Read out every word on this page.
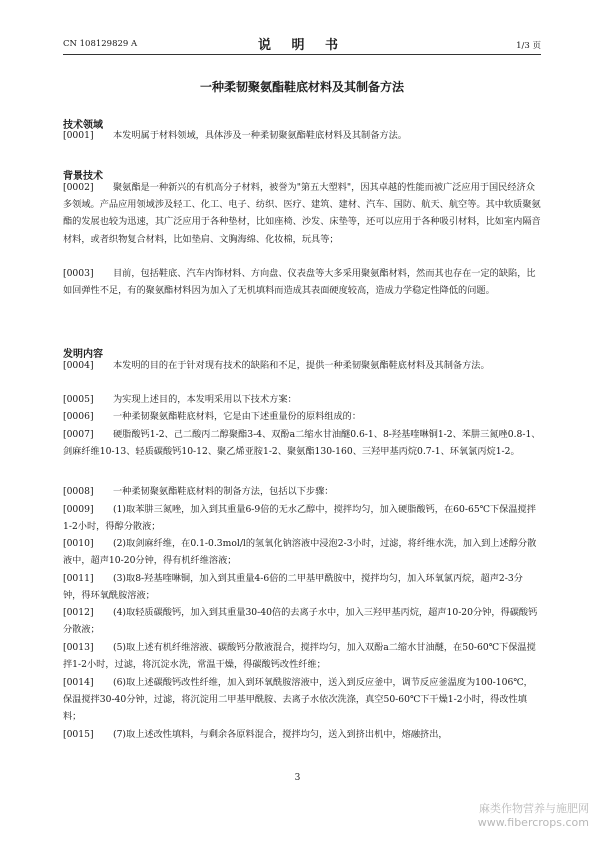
CN 108129829 A	说 明 书	1/3 页
一种柔韧聚氨酯鞋底材料及其制备方法
技术领域
[0001] 本发明属于材料领域，具体涉及一种柔韧聚氨酯鞋底材料及其制备方法。
背景技术
[0002] 聚氨酯是一种新兴的有机高分子材料，被誉为"第五大塑料"，因其卓越的性能而被广泛应用于国民经济众多领域。产品应用领域涉及轻工、化工、电子、纺织、医疗、建筑、建材、汽车、国防、航天、航空等。其中软质聚氨酯的发展也较为迅速，其广泛应用于各种垫材，比如座椅、沙发、床垫等，还可以应用于各种吸引材料，比如室内隔音材料，或者织物复合材料，比如垫肩、文胸海绵、化妆棉，玩具等；
[0003] 目前，包括鞋底、汽车内饰材料、方向盘、仪表盘等大多采用聚氨酯材料，然而其也存在一定的缺陷，比如回弹性不足，有的聚氨酯材料因为加入了无机填料而造成其表面硬度较高，造成力学稳定性降低的问题。
发明内容
[0004] 本发明的目的在于针对现有技术的缺陷和不足，提供一种柔韧聚氨酯鞋底材料及其制备方法。
[0005] 为实现上述目的，本发明采用以下技术方案：
[0006] 一种柔韧聚氨酯鞋底材料，它是由下述重量份的原料组成的：
[0007] 硬脂酸钙1-2、己二酸丙二醇聚酯3-4、双酚a二缩水甘油醚0.6-1、8-羟基喹啉铜1-2、苯肼三氮唑0.8-1、剑麻纤维10-13、轻质碳酸钙10-12、聚乙烯亚胺1-2、聚氨酯130-160、三羟甲基丙烷0.7-1、环氧氯丙烷1-2。
[0008] 一种柔韧聚氨酯鞋底材料的制备方法，包括以下步骤：
[0009] (1)取苯肼三氮唑，加入到其重量6-9倍的无水乙醇中，搅拌均匀，加入硬脂酸钙，在60-65℃下保温搅拌1-2小时，得醇分散液；
[0010] (2)取剑麻纤维，在0.1-0.3mol/l的氢氧化钠溶液中浸泡2-3小时，过滤，将纤维水洗，加入到上述醇分散液中，超声10-20分钟，得有机纤维溶液；
[0011] (3)取8-羟基喹啉铜，加入到其重量4-6倍的二甲基甲酰胺中，搅拌均匀，加入环氧氯丙烷，超声2-3分钟，得环氧酰胺溶液；
[0012] (4)取轻质碳酸钙，加入到其重量30-40倍的去离子水中，加入三羟甲基丙烷，超声10-20分钟，得碳酸钙分散液；
[0013] (5)取上述有机纤维溶液、碳酸钙分散液混合，搅拌均匀，加入双酚a二缩水甘油醚，在50-60℃下保温搅拌1-2小时，过滤，将沉淀水洗，常温干燥，得碳酸钙改性纤维；
[0014] (6)取上述碳酸钙改性纤维，加入到环氧酰胺溶液中，送入到反应釜中，调节反应釜温度为100-106℃，保温搅拌30-40分钟，过滤，将沉淀用二甲基甲酰胺、去离子水依次洗涤，真空50-60℃下干燥1-2小时，得改性填料；
[0015] (7)取上述改性填料，与剩余各原料混合，搅拌均匀，送入到挤出机中，熔融挤出，
3
麻类作物营养与施肥网
www.fibercrops.com
